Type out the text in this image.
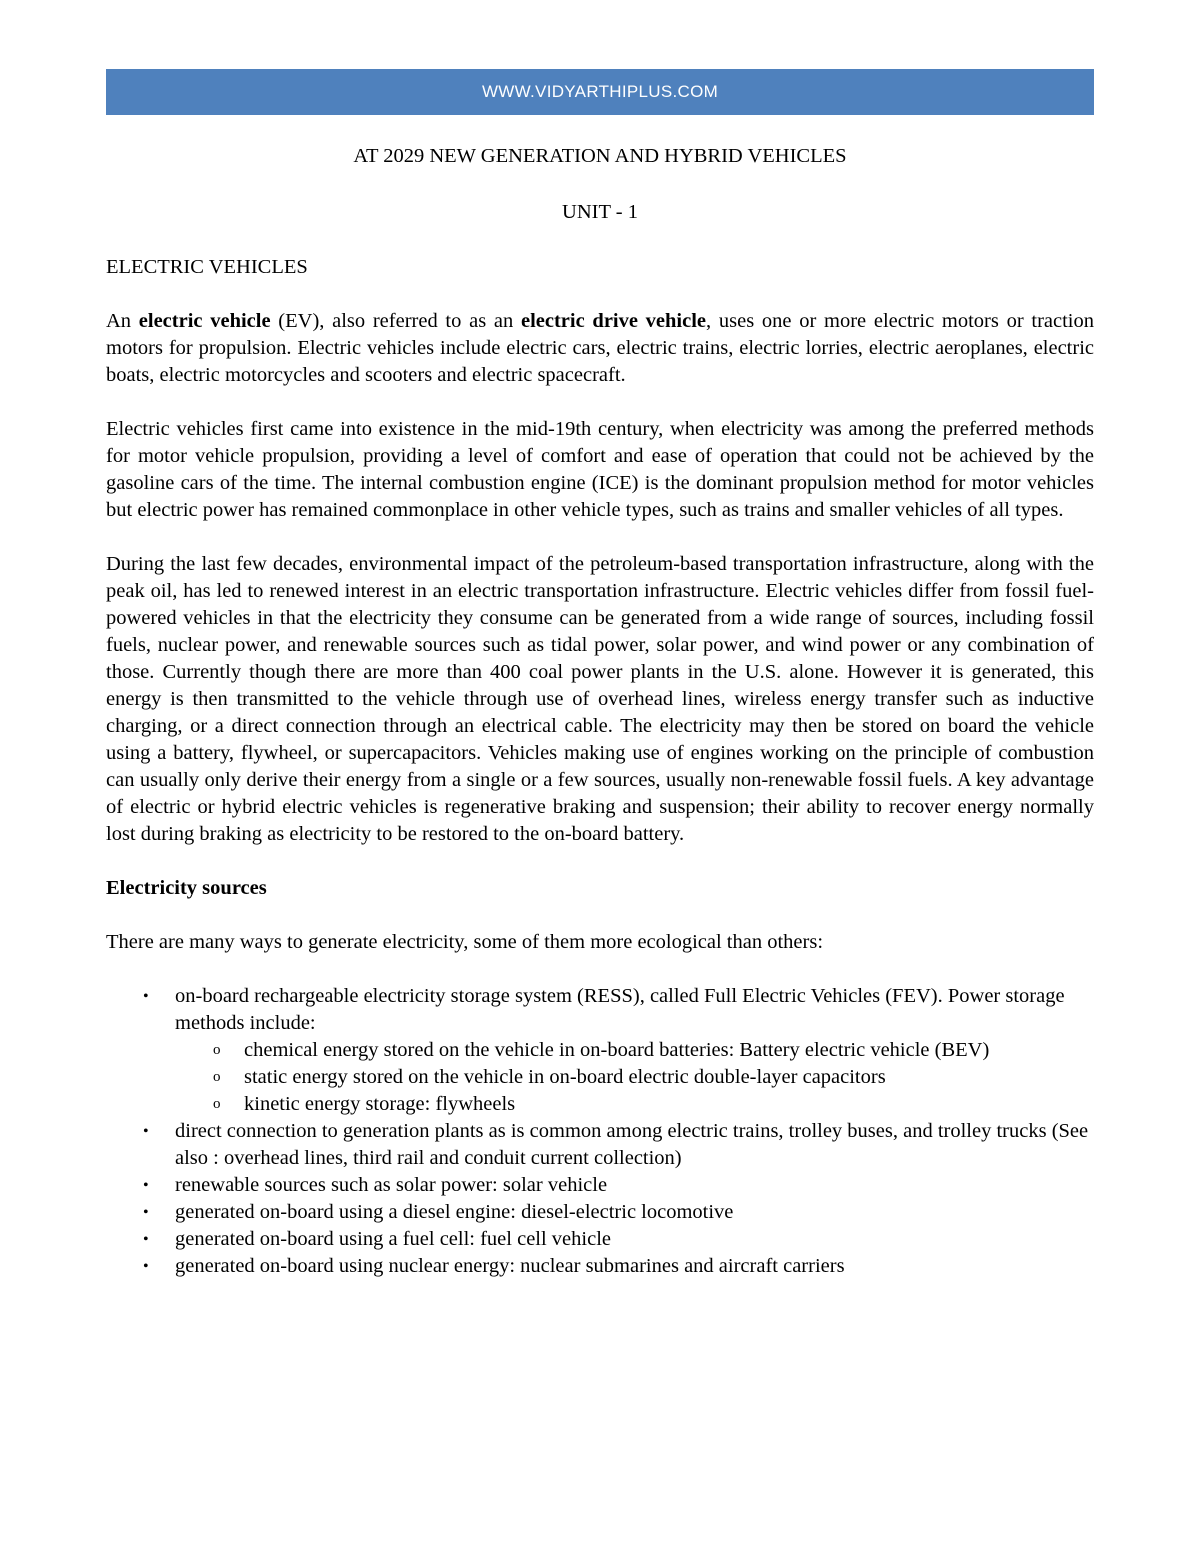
WWW.VIDYARTHIPLUS.COM

AT 2029 NEW GENERATION AND HYBRID VEHICLES

UNIT - 1

ELECTRIC VEHICLES

An electric vehicle (EV), also referred to as an electric drive vehicle, uses one or more electric motors or traction motors for propulsion. Electric vehicles include electric cars, electric trains, electric lorries, electric aeroplanes, electric boats, electric motorcycles and scooters and electric spacecraft.

Electric vehicles first came into existence in the mid-19th century, when electricity was among the preferred methods for motor vehicle propulsion, providing a level of comfort and ease of operation that could not be achieved by the gasoline cars of the time. The internal combustion engine (ICE) is the dominant propulsion method for motor vehicles but electric power has remained commonplace in other vehicle types, such as trains and smaller vehicles of all types.

During the last few decades, environmental impact of the petroleum-based transportation infrastructure, along with the peak oil, has led to renewed interest in an electric transportation infrastructure. Electric vehicles differ from fossil fuel-powered vehicles in that the electricity they consume can be generated from a wide range of sources, including fossil fuels, nuclear power, and renewable sources such as tidal power, solar power, and wind power or any combination of those. Currently though there are more than 400 coal power plants in the U.S. alone. However it is generated, this energy is then transmitted to the vehicle through use of overhead lines, wireless energy transfer such as inductive charging, or a direct connection through an electrical cable. The electricity may then be stored on board the vehicle using a battery, flywheel, or supercapacitors. Vehicles making use of engines working on the principle of combustion can usually only derive their energy from a single or a few sources, usually non-renewable fossil fuels. A key advantage of electric or hybrid electric vehicles is regenerative braking and suspension; their ability to recover energy normally lost during braking as electricity to be restored to the on-board battery.

Electricity sources

There are many ways to generate electricity, some of them more ecological than others:

• on-board rechargeable electricity storage system (RESS), called Full Electric Vehicles (FEV). Power storage methods include:
o chemical energy stored on the vehicle in on-board batteries: Battery electric vehicle (BEV)
o static energy stored on the vehicle in on-board electric double-layer capacitors
o kinetic energy storage: flywheels
• direct connection to generation plants as is common among electric trains, trolley buses, and trolley trucks (See also : overhead lines, third rail and conduit current collection)
• renewable sources such as solar power: solar vehicle
• generated on-board using a diesel engine: diesel-electric locomotive
• generated on-board using a fuel cell: fuel cell vehicle
• generated on-board using nuclear energy: nuclear submarines and aircraft carriers
